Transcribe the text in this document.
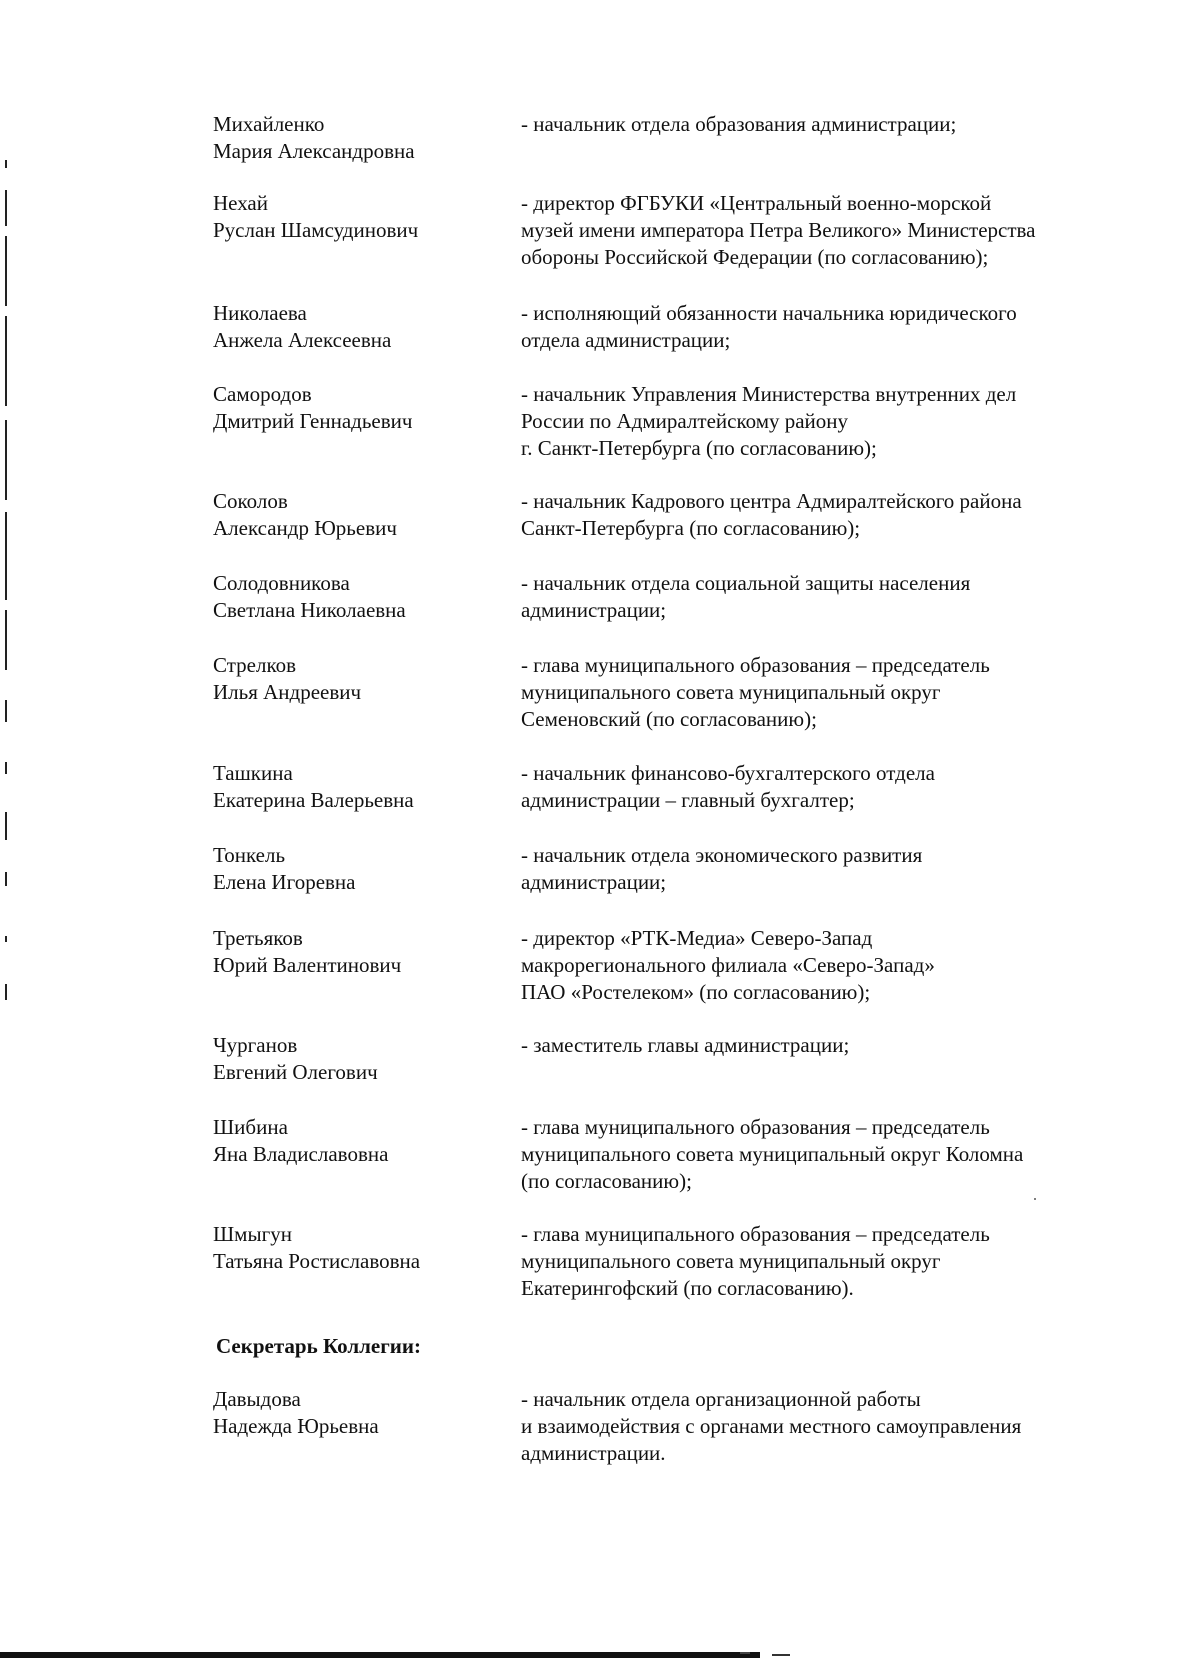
Михайленко
Мария Александровна
- начальник отдела образования администрации;
Нехай
Руслан Шамсудинович
- директор ФГБУКИ «Центральный военно-морской
музей имени императора Петра Великого» Министерства
обороны Российской Федерации (по согласованию);
Николаева
Анжела Алексеевна
- исполняющий обязанности начальника юридического
отдела администрации;
Самородов
Дмитрий Геннадьевич
- начальник Управления Министерства внутренних дел
России по Адмиралтейскому району
г. Санкт-Петербурга (по согласованию);
Соколов
Александр Юрьевич
- начальник Кадрового центра Адмиралтейского района
Санкт-Петербурга (по согласованию);
Солодовникова
Светлана Николаевна
- начальник отдела социальной защиты населения
администрации;
Стрелков
Илья Андреевич
- глава муниципального образования – председатель
муниципального совета муниципальный округ
Семеновский (по согласованию);
Ташкина
Екатерина Валерьевна
- начальник финансово-бухгалтерского отдела
администрации – главный бухгалтер;
Тонкель
Елена Игоревна
- начальник отдела экономического развития
администрации;
Третьяков
Юрий Валентинович
- директор «РТК-Медиа» Северо-Запад
макрорегионального филиала «Северо-Запад»
ПАО «Ростелеком» (по согласованию);
Чурганов
Евгений Олегович
- заместитель главы администрации;
Шибина
Яна Владиславовна
- глава муниципального образования – председатель
муниципального совета муниципальный округ Коломна
(по согласованию);
Шмыгун
Татьяна Ростиславовна
- глава муниципального образования – председатель
муниципального совета муниципальный округ
Екатерингофский (по согласованию).
Секретарь Коллегии:
Давыдова
Надежда Юрьевна
- начальник отдела организационной работы
и взаимодействия с органами местного самоуправления
администрации.
